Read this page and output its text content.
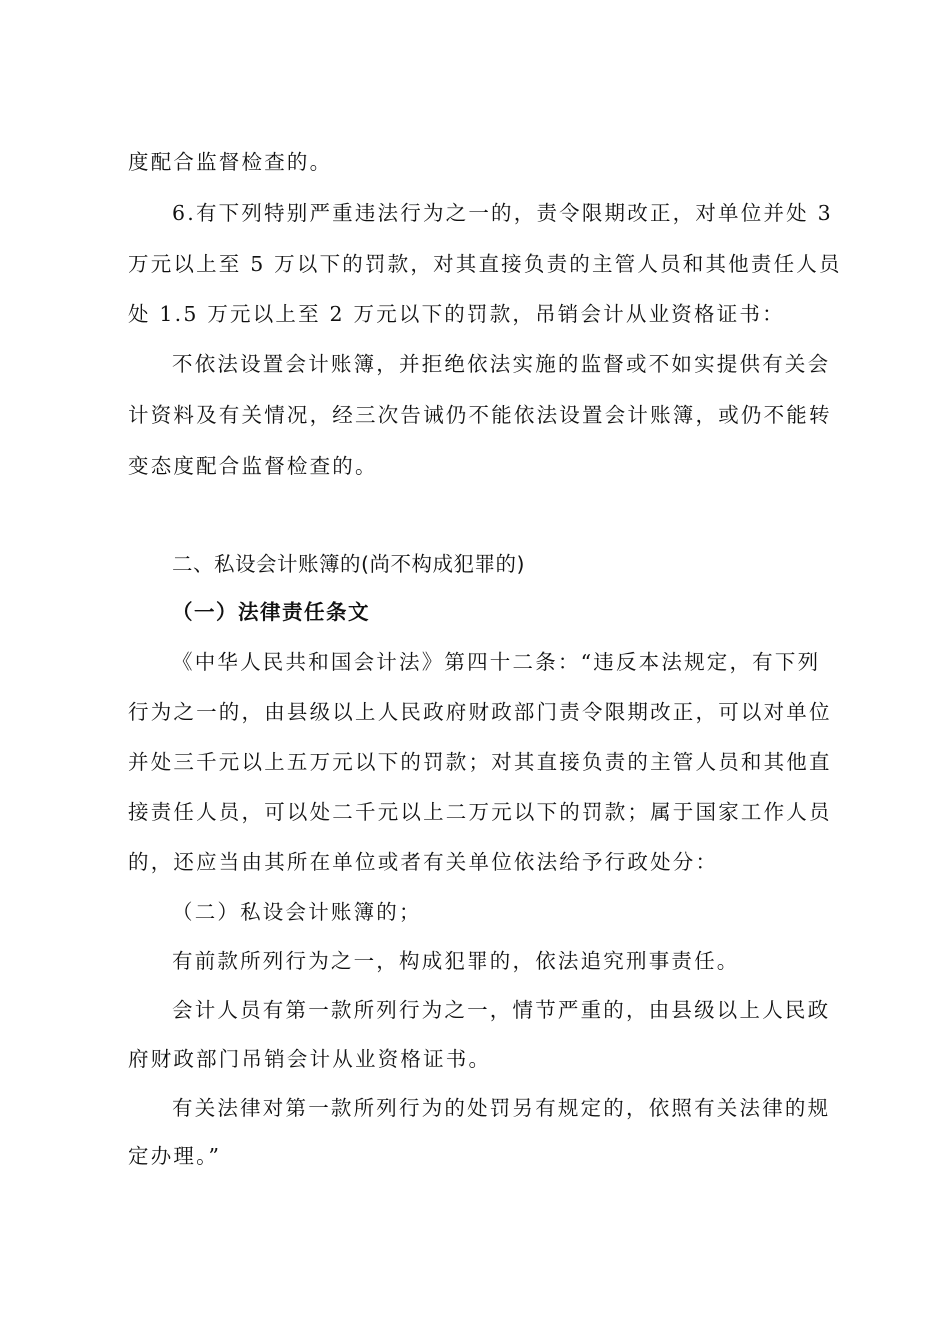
度配合监督检查的。
6.有下列特别严重违法行为之一的，责令限期改正，对单位并处 3
万元以上至 5 万以下的罚款，对其直接负责的主管人员和其他责任人员
处 1.5 万元以上至 2 万元以下的罚款，吊销会计从业资格证书：
不依法设置会计账簿，并拒绝依法实施的监督或不如实提供有关会
计资料及有关情况，经三次告诫仍不能依法设置会计账簿，或仍不能转
变态度配合监督检查的。
二、私设会计账簿的(尚不构成犯罪的)
（一）法律责任条文
《中华人民共和国会计法》第四十二条：“违反本法规定，有下列
行为之一的，由县级以上人民政府财政部门责令限期改正，可以对单位
并处三千元以上五万元以下的罚款；对其直接负责的主管人员和其他直
接责任人员，可以处二千元以上二万元以下的罚款；属于国家工作人员
的，还应当由其所在单位或者有关单位依法给予行政处分：
（二）私设会计账簿的；
有前款所列行为之一，构成犯罪的，依法追究刑事责任。
会计人员有第一款所列行为之一，情节严重的，由县级以上人民政
府财政部门吊销会计从业资格证书。
有关法律对第一款所列行为的处罚另有规定的，依照有关法律的规
定办理。”
